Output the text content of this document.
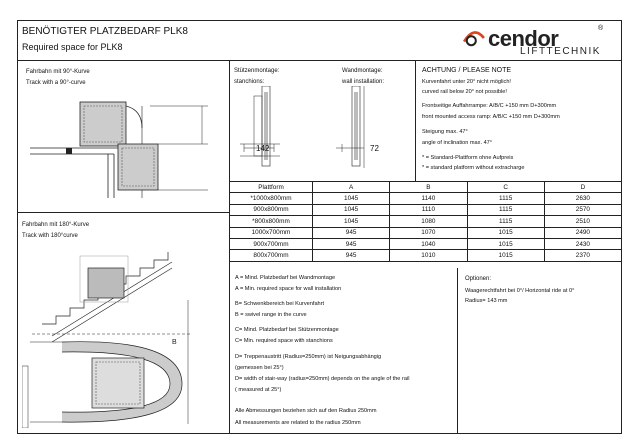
BENÖTIGTER PLATZBEDARF PLK8
Required space for PLK8	cendor	®
LIFTTECHNIK
Fahrbahn mit 90°-Kurve
Track with a 90°-curve
Fahrbahn mit 180°-Kurve
Track with 180°curve
B
Stützenmontage:
stanchions:
Wandmontage:
wall installation:
142	72
ACHTUNG / PLEASE NOTE
Kurvenfahrt unter 20° nicht möglich!
curved rail below 20° not possible!
Frontseitige Auffahrrampe: A/B/C +150 mm D+300mm
front mounted access ramp: A/B/C +150 mm D+300mm
Steigung max. 47°
angle of inclination max. 47°
* = Standard-Plattform ohne Aufpreis
* = standard platform without extracharge
Plattform	A	B	C	D
*1000x800mm	1045	1140	1115	2630
900x800mm	1045	1110	1115	2570
*800x800mm	1045	1080	1115	2510
1000x700mm	945	1070	1015	2490
900x700mm	945	1040	1015	2430
800x700mm	945	1010	1015	2370
A = Mind. Platzbedarf bei Wandmontage
A = Min. required space for wall installation
B= Schwenkbereich bei Kurvenfahrt
B = swivel range in the curve
C= Mind. Platzbedarf bei Stützenmontage
C= Min. required space with stanchions
D= Treppenaustritt (Radius=250mm) ist Neigungsabhängig
(gemessen bei 25°)
D= width of stair-way (radius=250mm) depends on the angle of the rail
( measured at 25°)
Alle Abmessungen beziehen sich auf den Radius 250mm
All measurements are related to the radius 250mm
Optionen:
Waagerechtfahrt bei 0°/ Horizontal ride at 0°
Radius= 143 mm
